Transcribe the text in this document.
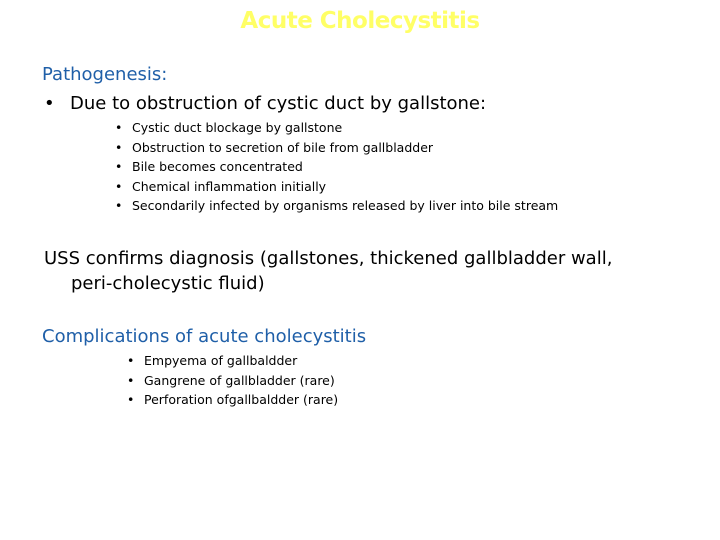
Acute Cholecystitis
Pathogenesis:

• Due to obstruction of cystic duct by gallstone:

• Cystic duct blockage by gallstone
• Obstruction to secretion of bile from gallbladder
• Bile becomes concentrated
• Chemical inflammation initially
• Secondarily infected by organisms released by liver into bile stream

USS confirms diagnosis (gallstones, thickened gallbladder wall,
peri-cholecystic fluid)

Complications of acute cholecystitis
• Empyema of gallbaldder
• Gangrene of gallbladder (rare)
• Perforation ofgallbaldder (rare)
